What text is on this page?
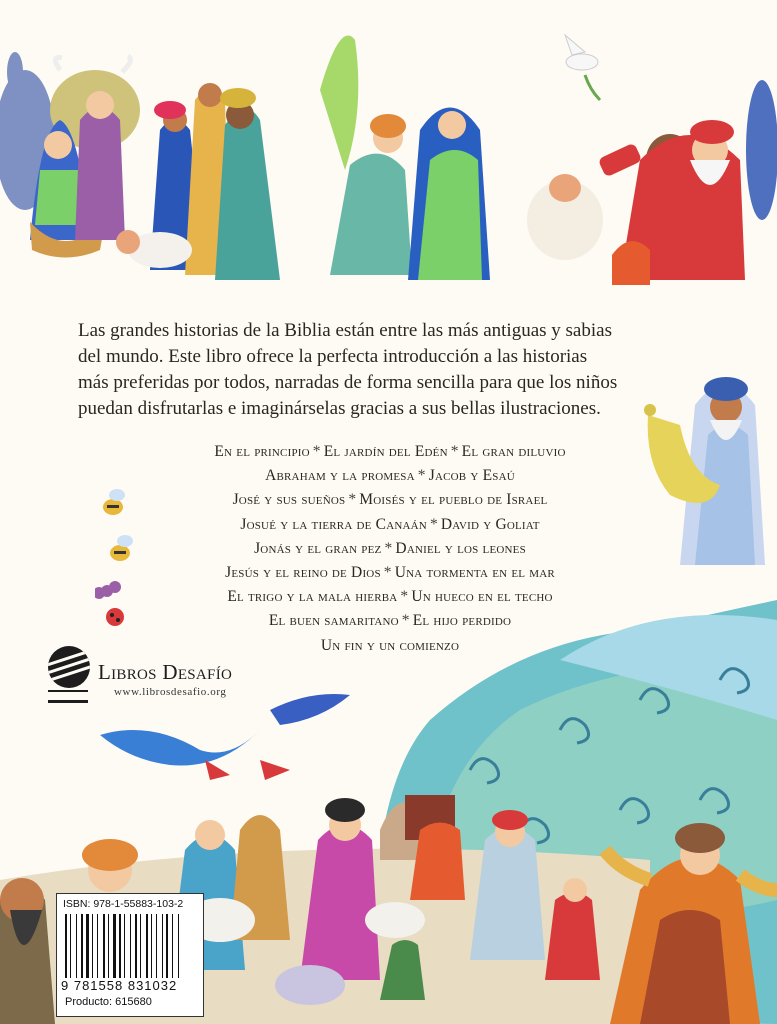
Las grandes historias de la Biblia están entre las más antiguas y sabias

del mundo. Este libro ofrece la perfecta introducción a las historias

más preferidas por todos, narradas de forma sencilla para que los niños

puedan disfrutarlas e imaginárselas gracias a sus bellas ilustraciones.

En el principio * El jardín del Edén * El gran diluvio
Abraham y la promesa * Jacob y Esaú
José y sus sueños * Moisés y el pueblo de Israel
Josué y la tierra de Canaán * David y Goliat
Jonás y el gran pez * Daniel y los leones
Jesús y el reino de Dios * Una tormenta en el mar
El trigo y la mala hierba * Un hueco en el techo
El buen samaritano * El hijo perdido
Un fin y un comienzo
Libros Desafío
www.librosdesafio.org
ISBN: 978-1-55883-103-2
9 781558 831032
Producto: 615680
